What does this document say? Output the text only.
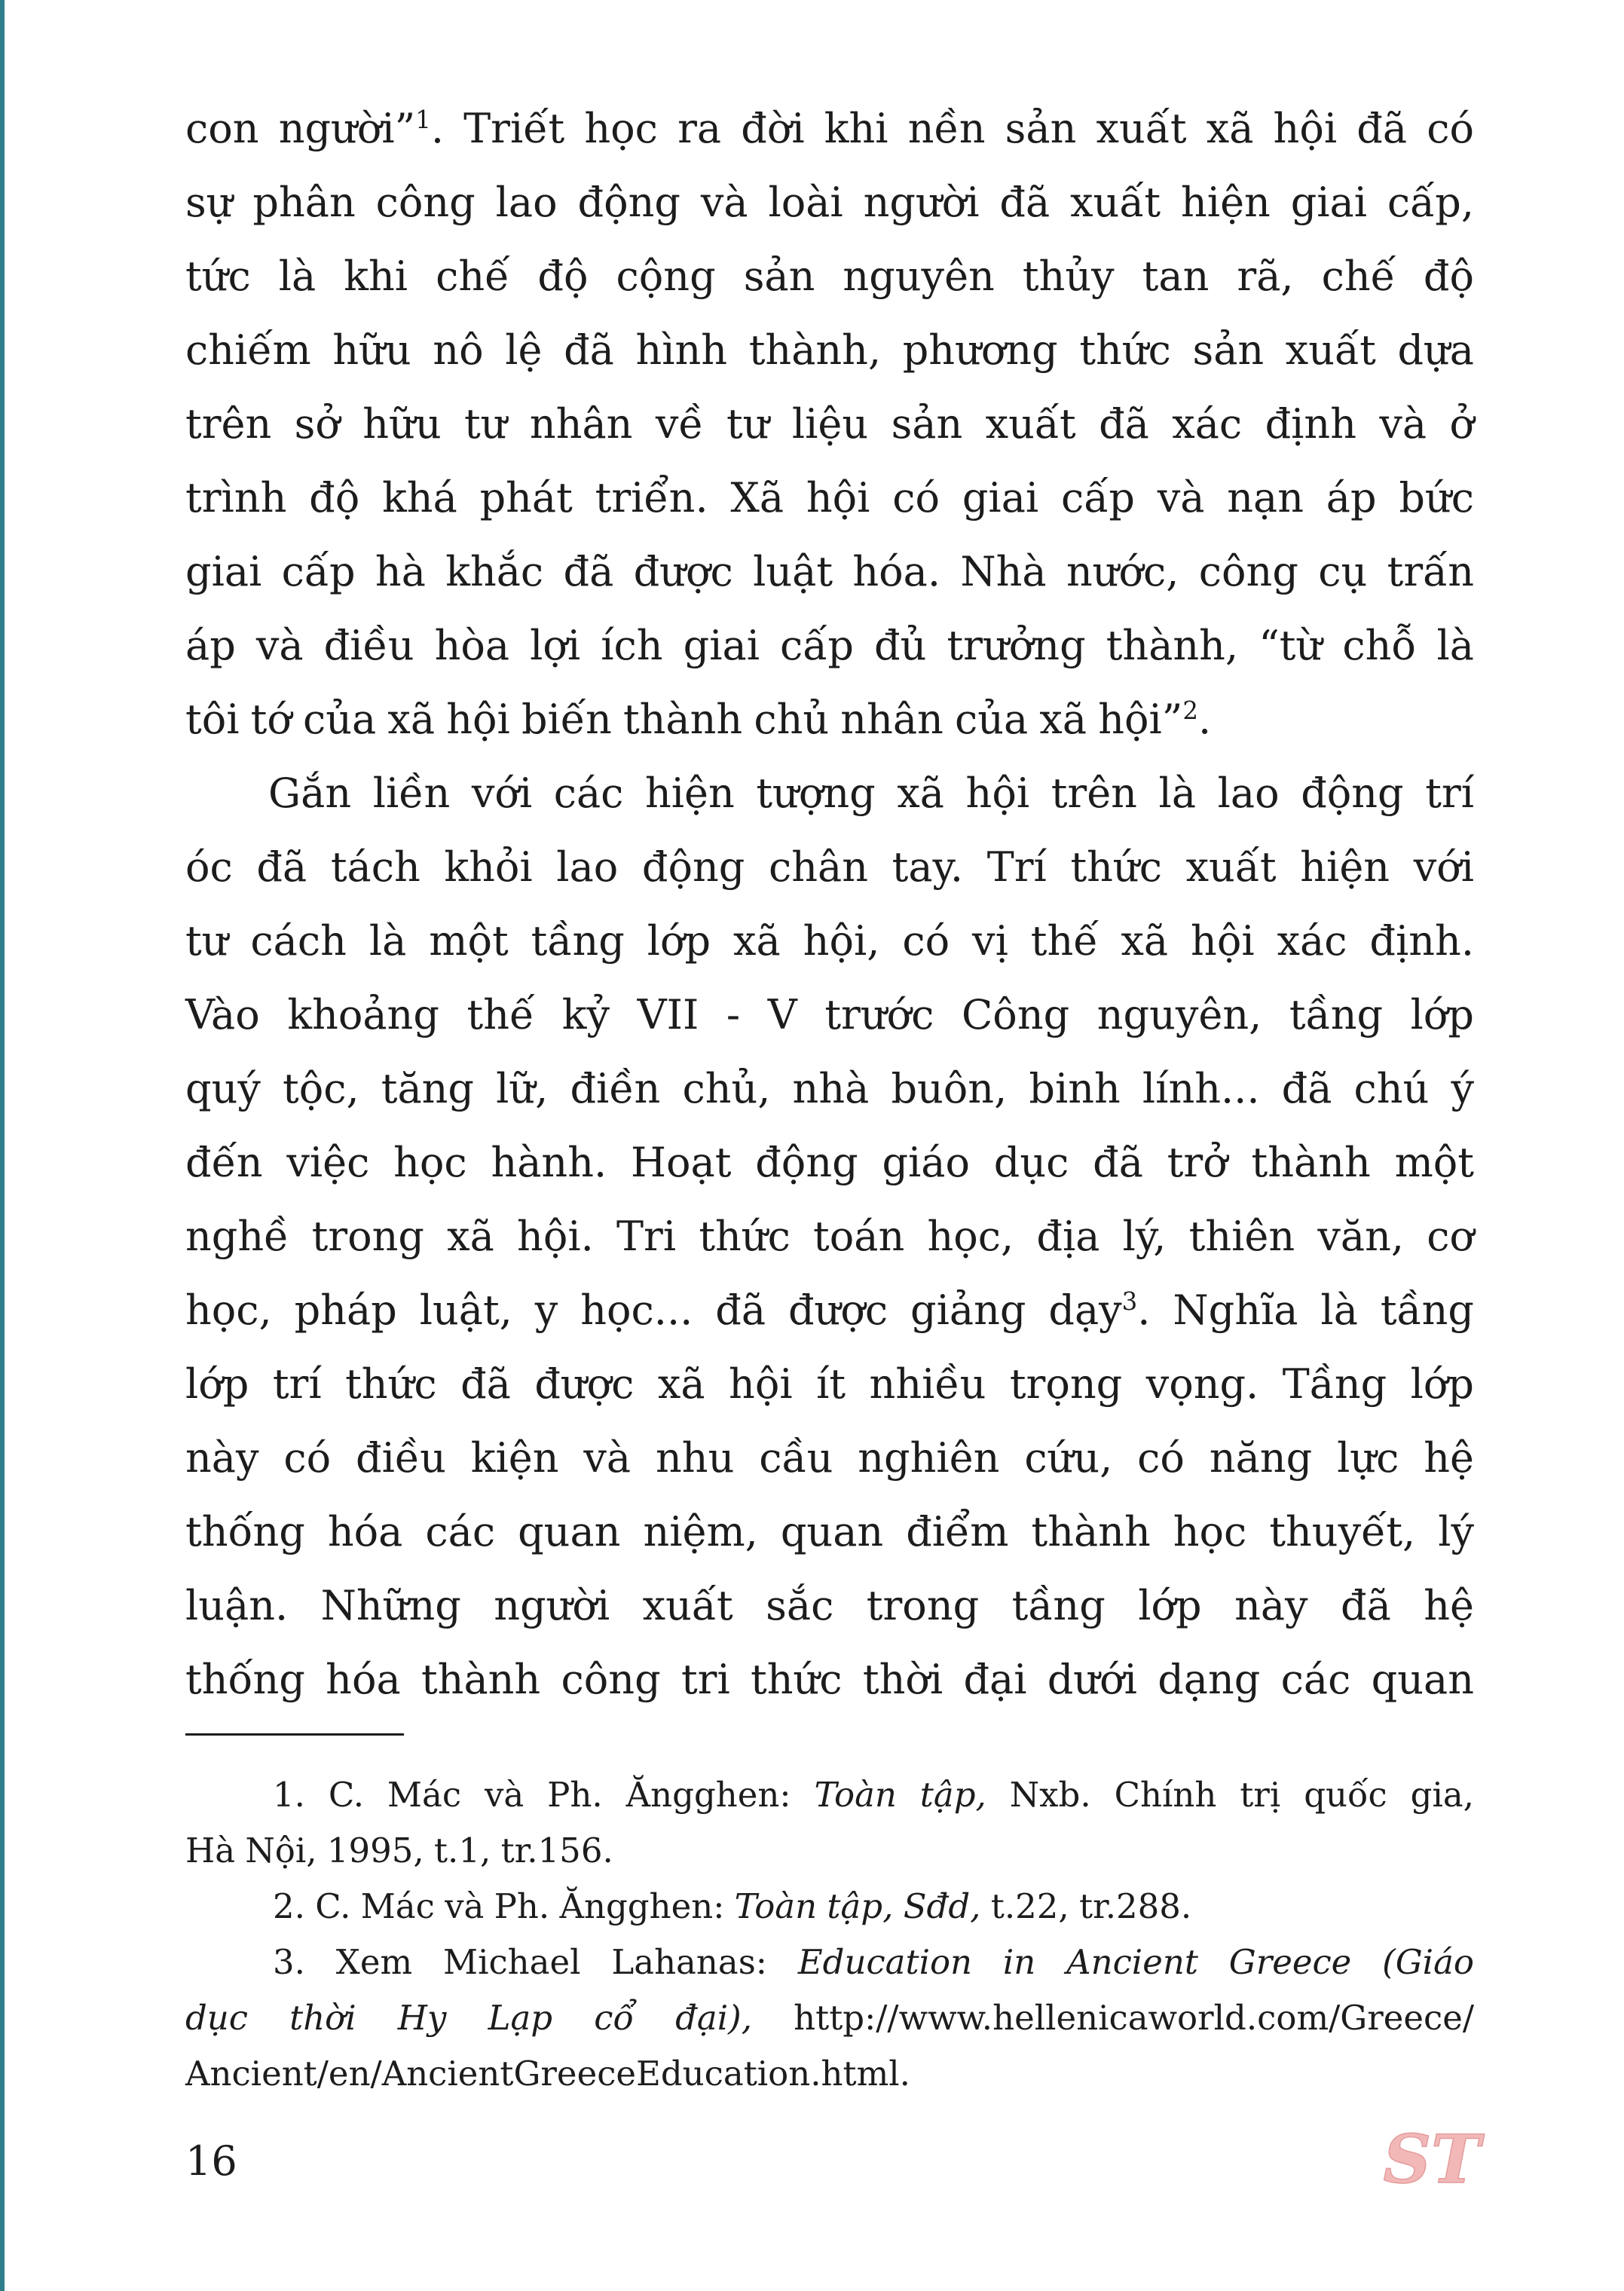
con người”$^1$. Triết học ra đời khi nền sản xuất xã hội đã có
sự phân công lao động và loài người đã xuất hiện giai cấp,
tức là khi chế độ cộng sản nguyên thủy tan rã, chế độ
chiếm hữu nô lệ đã hình thành, phương thức sản xuất dựa
trên sở hữu tư nhân về tư liệu sản xuất đã xác định và ở
trình độ khá phát triển. Xã hội có giai cấp và nạn áp bức
giai cấp hà khắc đã được luật hóa. Nhà nước, công cụ trấn
áp và điều hòa lợi ích giai cấp đủ trưởng thành, “từ chỗ là
tôi tớ của xã hội biến thành chủ nhân của xã hội”$^2$.
Gắn liền với các hiện tượng xã hội trên là lao động trí
óc đã tách khỏi lao động chân tay. Trí thức xuất hiện với
tư cách là một tầng lớp xã hội, có vị thế xã hội xác định.
Vào khoảng thế kỷ VII - V trước Công nguyên, tầng lớp
quý tộc, tăng lữ, điền chủ, nhà buôn, binh lính... đã chú ý
đến việc học hành. Hoạt động giáo dục đã trở thành một
nghề trong xã hội. Tri thức toán học, địa lý, thiên văn, cơ
học, pháp luật, y học... đã được giảng dạy$^3$. Nghĩa là tầng
lớp trí thức đã được xã hội ít nhiều trọng vọng. Tầng lớp
này có điều kiện và nhu cầu nghiên cứu, có năng lực hệ
thống hóa các quan niệm, quan điểm thành học thuyết, lý
luận. Những người xuất sắc trong tầng lớp này đã hệ
thống hóa thành công tri thức thời đại dưới dạng các quan
1. C. Mác và Ph. Ăngghen: Toàn tập, Nxb. Chính trị quốc gia,
Hà Nội, 1995, t.1, tr.156.
2. C. Mác và Ph. Ăngghen: Toàn tập, Sđd, t.22, tr.288.
3. Xem Michael Lahanas: Education in Ancient Greece (Giáo
dục thời Hy Lạp cổ đại), http://www.hellenicaworld.com/Greece/
Ancient/en/AncientGreeceEducation.html.
16	ST
